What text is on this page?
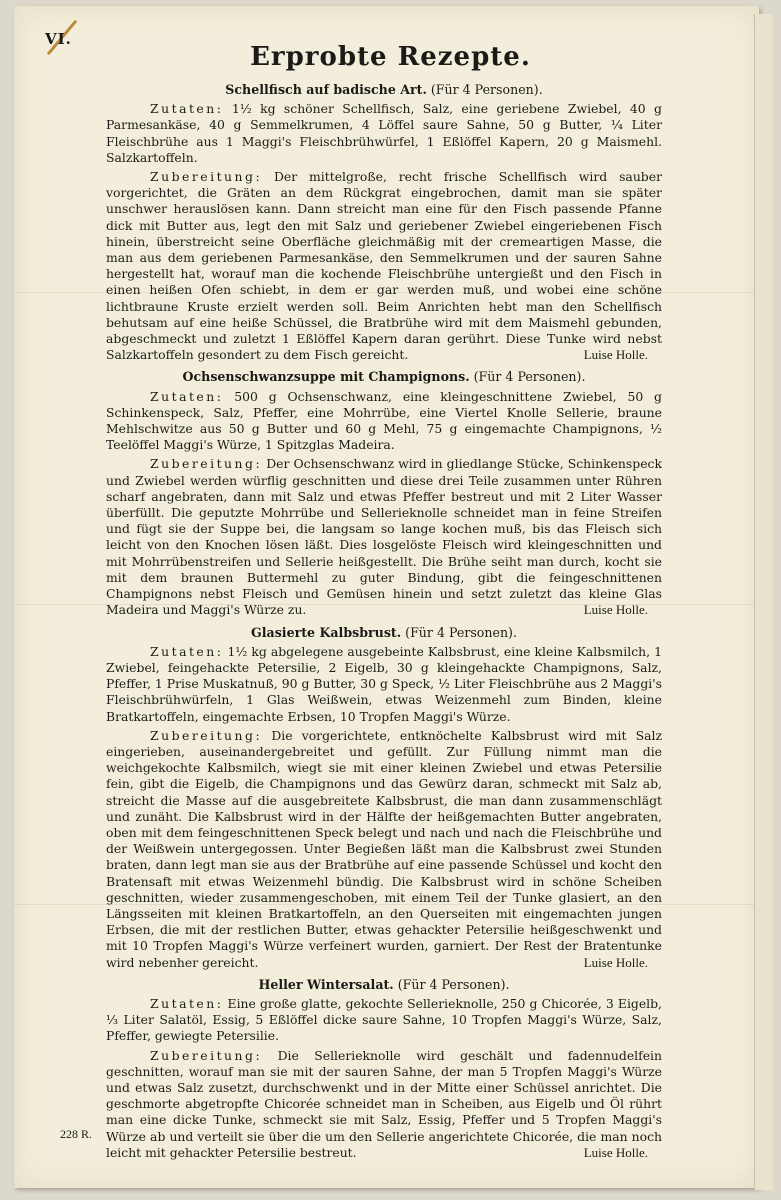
VI.
Erprobte Rezepte.
Schellfisch auf badische Art. (Für 4 Personen).

Zutaten: 1½ kg schöner Schellfisch, Salz, eine geriebene Zwiebel, 40 g Parmesankäse, 40 g Semmelkrumen, 4 Löffel saure Sahne, 50 g Butter, ¼ Liter Fleischbrühe aus 1 Maggi's Fleischbrühwürfel, 1 Eßlöffel Kapern, 20 g Maismehl. Salzkartoffeln.

Zubereitung: Der mittelgroße, recht frische Schellfisch wird sauber vorgerichtet, die Gräten an dem Rückgrat eingebrochen, damit man sie später unschwer herauslösen kann. Dann streicht man eine für den Fisch passende Pfanne dick mit Butter aus, legt den mit Salz und geriebener Zwiebel eingeriebenen Fisch hinein, überstreicht seine Oberfläche gleichmäßig mit der cremeartigen Masse, die man aus dem geriebenen Parmesankäse, den Semmelkrumen und der sauren Sahne hergestellt hat, worauf man die kochende Fleischbrühe untergießt und den Fisch in einen heißen Ofen schiebt, in dem er gar werden muß, und wobei eine schöne lichtbraune Kruste erzielt werden soll. Beim Anrichten hebt man den Schellfisch behutsam auf eine heiße Schüssel, die Bratbrühe wird mit dem Maismehl gebunden, abgeschmeckt und zuletzt 1 Eßlöffel Kapern daran gerührt. Diese Tunke wird nebst Salzkartoffeln gesondert zu dem Fisch gereicht.	Luise Holle.

Ochsenschwanzsuppe mit Champignons. (Für 4 Personen).

Zutaten: 500 g Ochsenschwanz, eine kleingeschnittene Zwiebel, 50 g Schinkenspeck, Salz, Pfeffer, eine Mohrrübe, eine Viertel Knolle Sellerie, braune Mehlschwitze aus 50 g Butter und 60 g Mehl, 75 g eingemachte Champignons, ½ Teelöffel Maggi's Würze, 1 Spitzglas Madeira.

Zubereitung: Der Ochsenschwanz wird in gliedlange Stücke, Schinkenspeck und Zwiebel werden würflig geschnitten und diese drei Teile zusammen unter Rühren scharf angebraten, dann mit Salz und etwas Pfeffer bestreut und mit 2 Liter Wasser überfüllt. Die geputzte Mohrrübe und Sellerieknolle schneidet man in feine Streifen und fügt sie der Suppe bei, die langsam so lange kochen muß, bis das Fleisch sich leicht von den Knochen lösen läßt. Dies losgelöste Fleisch wird kleingeschnitten und mit Mohrrübenstreifen und Sellerie heißgestellt. Die Brühe seiht man durch, kocht sie mit dem braunen Buttermehl zu guter Bindung, gibt die feingeschnittenen Champignons nebst Fleisch und Gemüsen hinein und setzt zuletzt das kleine Glas Madeira und Maggi's Würze zu.	Luise Holle.

Glasierte Kalbsbrust. (Für 4 Personen).

Zutaten: 1½ kg abgelegene ausgebeinte Kalbsbrust, eine kleine Kalbsmilch, 1 Zwiebel, feingehackte Petersilie, 2 Eigelb, 30 g kleingehackte Champignons, Salz, Pfeffer, 1 Prise Muskatnuß, 90 g Butter, 30 g Speck, ½ Liter Fleischbrühe aus 2 Maggi's Fleischbrühwürfeln, 1 Glas Weißwein, etwas Weizenmehl zum Binden, kleine Bratkartoffeln, eingemachte Erbsen, 10 Tropfen Maggi's Würze.

Zubereitung: Die vorgerichtete, entknöchelte Kalbsbrust wird mit Salz eingerieben, auseinandergebreitet und gefüllt. Zur Füllung nimmt man die weichgekochte Kalbsmilch, wiegt sie mit einer kleinen Zwiebel und etwas Petersilie fein, gibt die Eigelb, die Champignons und das Gewürz daran, schmeckt mit Salz ab, streicht die Masse auf die ausgebreitete Kalbsbrust, die man dann zusammenschlägt und zunäht. Die Kalbsbrust wird in der Hälfte der heißgemachten Butter angebraten, oben mit dem feingeschnittenen Speck belegt und nach und nach die Fleischbrühe und der Weißwein untergegossen. Unter Begießen läßt man die Kalbsbrust zwei Stunden braten, dann legt man sie aus der Bratbrühe auf eine passende Schüssel und kocht den Bratensaft mit etwas Weizenmehl bündig. Die Kalbsbrust wird in schöne Scheiben geschnitten, wieder zusammengeschoben, mit einem Teil der Tunke glasiert, an den Längsseiten mit kleinen Bratkartoffeln, an den Querseiten mit eingemachten jungen Erbsen, die mit der restlichen Butter, etwas gehackter Petersilie heißgeschwenkt und mit 10 Tropfen Maggi's Würze verfeinert wurden, garniert. Der Rest der Bratentunke wird nebenher gereicht.	Luise Holle.

Heller Wintersalat. (Für 4 Personen).

Zutaten: Eine große glatte, gekochte Sellerieknolle, 250 g Chicorée, 3 Eigelb, ⅓ Liter Salatöl, Essig, 5 Eßlöffel dicke saure Sahne, 10 Tropfen Maggi's Würze, Salz, Pfeffer, gewiegte Petersilie.

Zubereitung: Die Sellerieknolle wird geschält und fadennudelfein geschnitten, worauf man sie mit der sauren Sahne, der man 5 Tropfen Maggi's Würze und etwas Salz zusetzt, durchschwenkt und in der Mitte einer Schüssel anrichtet. Die geschmorte abgetropfte Chicorée schneidet man in Scheiben, aus Eigelb und Öl rührt man eine dicke Tunke, schmeckt sie mit Salz, Essig, Pfeffer und 5 Tropfen Maggi's Würze ab und verteilt sie über die um den Sellerie angerichtete Chicorée, die man noch leicht mit gehackter Petersilie bestreut.	Luise Holle.

228 R.
